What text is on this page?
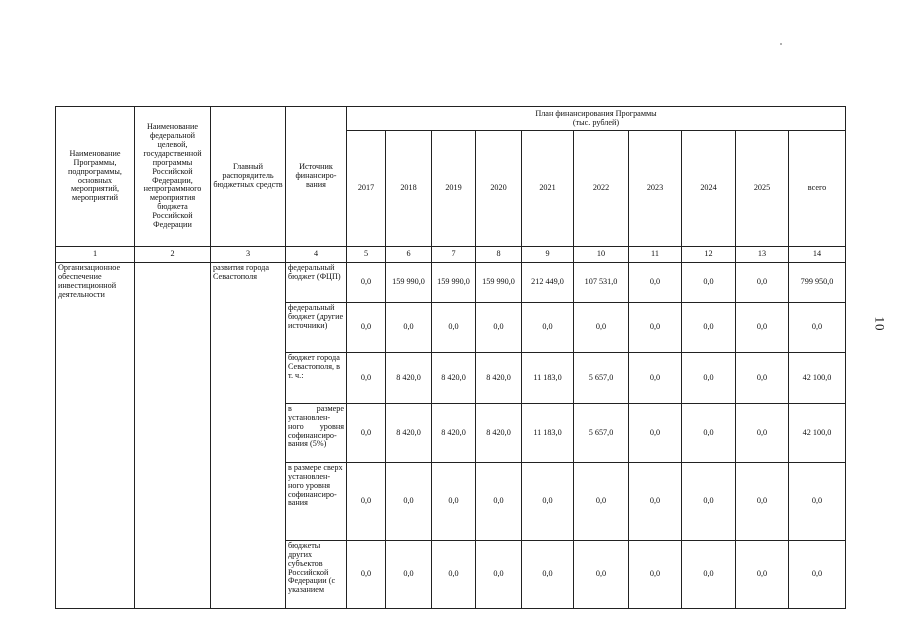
Наименование Программы, подпрограммы, основных мероприятий, мероприятий	Наименование федеральной целевой, государственной программы Российской Федерации, непрограммного мероприятия бюджета Российской Федерации	Главный распорядитель бюджетных средств	Источник финансиро-вания	План финансирования Программы
(тыс. рублей)									

				2017	2018	2019	2020	2021	2022	2023	2024	2025	всего
1	2	3	4	5	6	7	8	9	10	11	12	13	14
Организационное обеспечение инвестиционной деятельности		развития города Севастополя	федеральный бюджет (ФЦП)	0,0	159 990,0	159 990,0	159 990,0	212 449,0	107 531,0	0,0	0,0	0,0	799 950,0
			федеральный бюджет (другие источники)	0,0	0,0	0,0	0,0	0,0	0,0	0,0	0,0	0,0	0,0
			бюджет города Севастополя, в т. ч.:	0,0	8 420,0	8 420,0	8 420,0	11 183,0	5 657,0	0,0	0,0	0,0	42 100,0
			в размере установлен-ного уровня софинансиро-вания (5%)	0,0	8 420,0	8 420,0	8 420,0	11 183,0	5 657,0	0,0	0,0	0,0	42 100,0
			в размере сверх установлен-ного уровня софинансиро-вания	0,0	0,0	0,0	0,0	0,0	0,0	0,0	0,0	0,0	0,0
			бюджеты других субъектов Российской Федерации (с указанием	0,0	0,0	0,0	0,0	0,0	0,0	0,0	0,0	0,0	0,0
10
